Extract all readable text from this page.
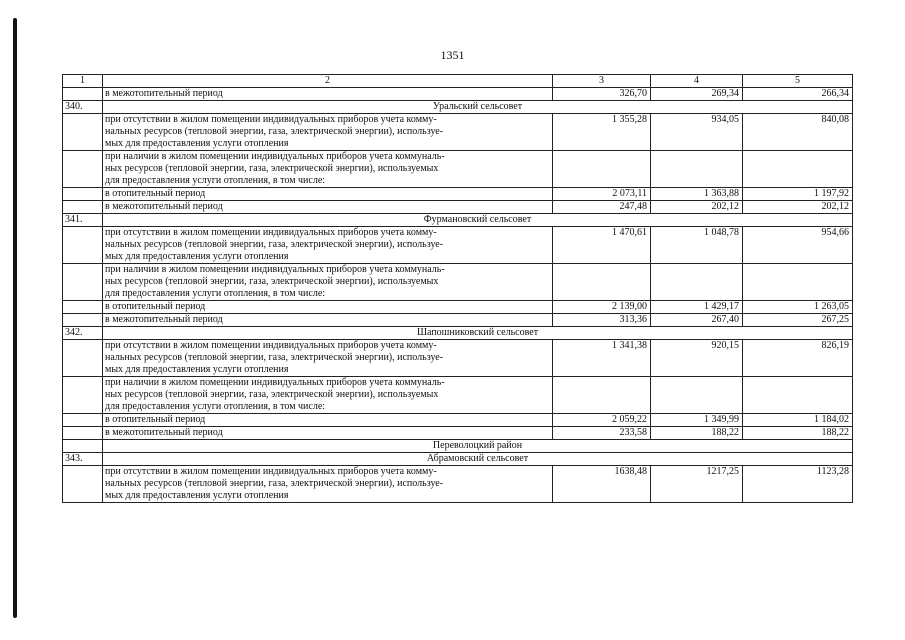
1351
1	2	3	4	5
	в межотопительный период	326,70	269,34	266,34
340.	Уральский сельсовет			

	при отсутствии в жилом помещении индивидуальных приборов учета комму-
нальных ресурсов (тепловой энергии, газа, электрической энергии), используе-
мых для предоставления услуги отопления	1 355,28	934,05	840,08

	при наличии в жилом помещении индивидуальных приборов учета коммуналь-
ных ресурсов (тепловой энергии, газа, электрической энергии), используемых
для предоставления услуги отопления, в том числе:			

	в отопительный период	2 073,11	1 363,88	1 197,92
	в межотопительный период	247,48	202,12	202,12
341.	Фурмановский сельсовет			

	при отсутствии в жилом помещении индивидуальных приборов учета комму-
нальных ресурсов (тепловой энергии, газа, электрической энергии), используе-
мых для предоставления услуги отопления	1 470,61	1 048,78	954,66

	при наличии в жилом помещении индивидуальных приборов учета коммуналь-
ных ресурсов (тепловой энергии, газа, электрической энергии), используемых
для предоставления услуги отопления, в том числе:			

	в отопительный период	2 139,00	1 429,17	1 263,05
	в межотопительный период	313,36	267,40	267,25
342.	Шапошниковский сельсовет			

	при отсутствии в жилом помещении индивидуальных приборов учета комму-
нальных ресурсов (тепловой энергии, газа, электрической энергии), используе-
мых для предоставления услуги отопления	1 341,38	920,15	826,19

	при наличии в жилом помещении индивидуальных приборов учета коммуналь-
ных ресурсов (тепловой энергии, газа, электрической энергии), используемых
для предоставления услуги отопления, в том числе:			

	в отопительный период	2 059,22	1 349,99	1 184,02
	в межотопительный период	233,58	188,22	188,22
	Переволоцкий район			
343.	Абрамовский сельсовет			

	при отсутствии в жилом помещении индивидуальных приборов учета комму-
нальных ресурсов (тепловой энергии, газа, электрической энергии), используе-
мых для предоставления услуги отопления	1638,48	1217,25	1123,28
